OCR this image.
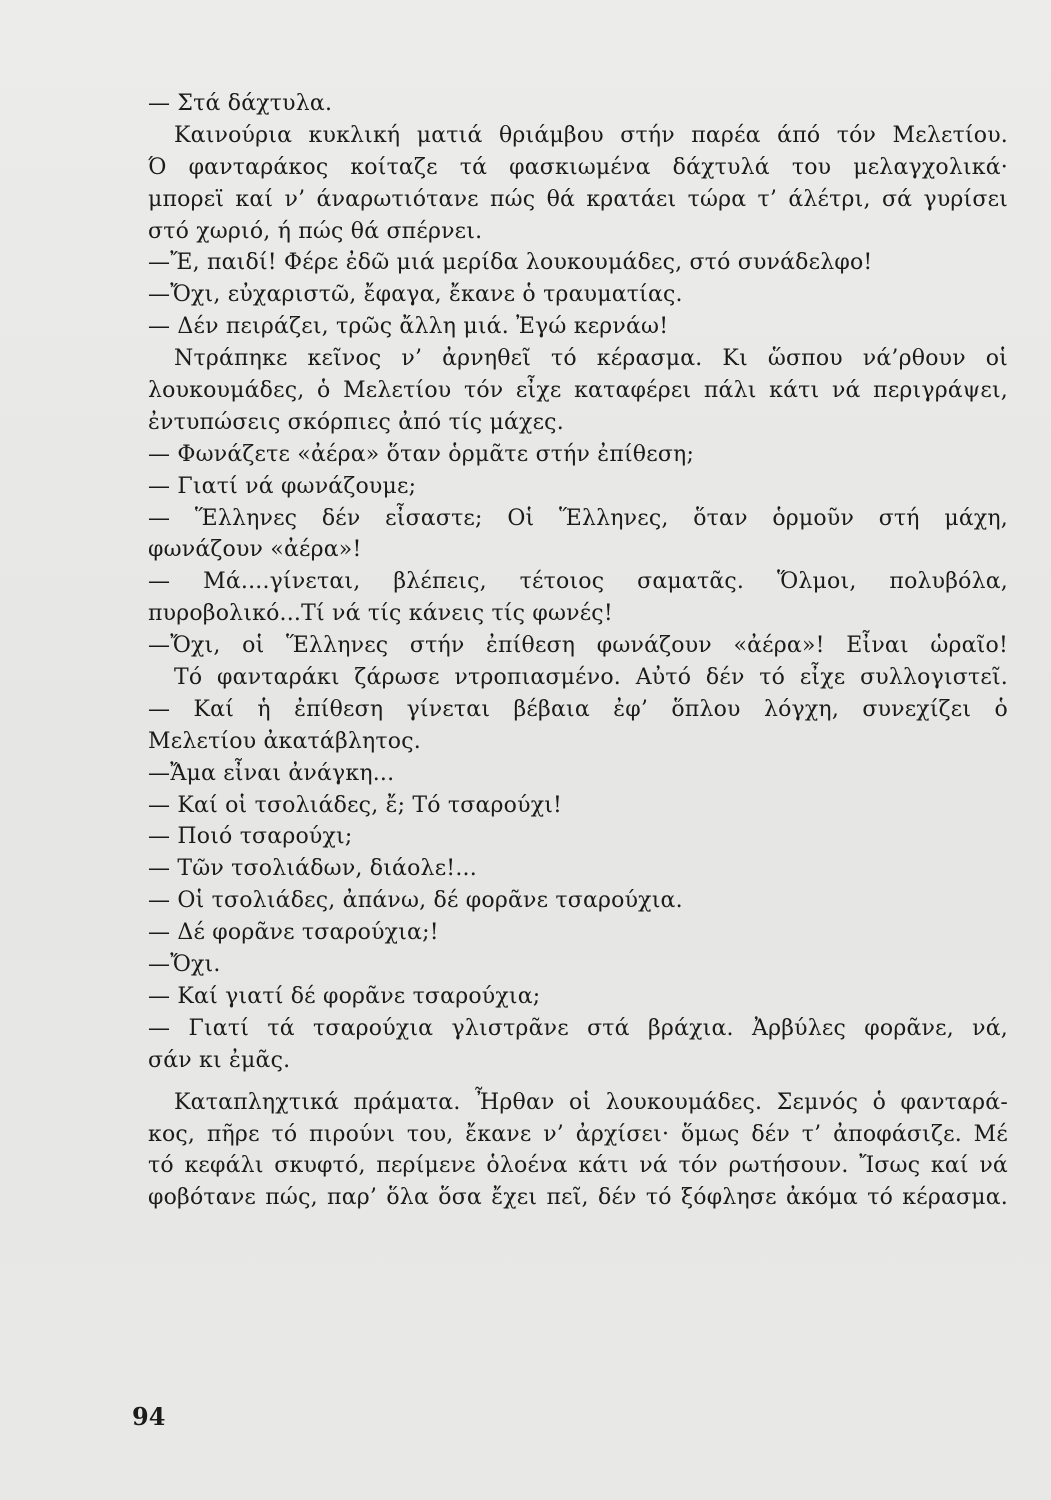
— Στά δάχτυλα.
Καινούρια κυκλική ματιά θριάμβου στήν παρέα άπό τόν Μελετίου.
Ό φανταράκος κοίταζε τά φασκιωμένα δάχτυλά του μελαγχολικά·
μπορεϊ καί ν’ άναρωτιότανε πώς θά κρατάει τώρα τ’ άλέτρι, σά γυρίσει
στό χωριό, ή πώς θά σπέρνει.
—Ἔ, παιδί! Φέρε ἐδῶ μιά μερίδα λουκουμάδες, στό συνάδελφο!
—Ὄχι, εὐχαριστῶ, ἔφαγα, ἔκανε ὁ τραυματίας.
— Δέν πειράζει, τρῶς ἄλλη μιά. Ἐγώ κερνάω!
Ντράπηκε κεῖνος ν’ ἀρνηθεῖ τό κέρασμα. Κι ὥσπου νά’ρθουν οἱ
λουκουμάδες, ὁ Μελετίου τόν εἶχε καταφέρει πάλι κάτι νά περιγράψει,
ἐντυπώσεις σκόρπιες ἀπό τίς μάχες.
— Φωνάζετε «ἀέρα» ὅταν ὁρμᾶτε στήν ἐπίθεση;
— Γιατί νά φωνάζουμε;
— Ἕλληνες δέν εἶσαστε; Οἱ Ἕλληνες, ὅταν ὁρμοῦν στή μάχη,
φωνάζουν «ἀέρα»!
— Μά....γίνεται, βλέπεις, τέτοιος σαματᾶς. Ὅλμοι, πολυβόλα,
πυροβολικό...Τί νά τίς κάνεις τίς φωνές!
—Ὄχι, οἱ Ἕλληνες στήν ἐπίθεση φωνάζουν «ἀέρα»! Εἶναι ὡραῖο!
Τό φανταράκι ζάρωσε ντροπιασμένο. Αὐτό δέν τό εἶχε συλλογιστεῖ.
— Καί ἡ ἐπίθεση γίνεται βέβαια ἐφ’ ὅπλου λόγχη, συνεχίζει ὁ
Μελετίου ἀκατάβλητος.
—Ἄμα εἶναι ἀνάγκη...
— Καί οἱ τσολιάδες, ἔ; Τό τσαρούχι!
— Ποιό τσαρούχι;
— Τῶν τσολιάδων, διάολε!...
— Οἱ τσολιάδες, ἀπάνω, δέ φορᾶνε τσαρούχια.
— Δέ φορᾶνε τσαρούχια;!
—Ὄχι.
— Καί γιατί δέ φορᾶνε τσαρούχια;
— Γιατί τά τσαρούχια γλιστρᾶνε στά βράχια. Ἀρβύλες φορᾶνε, νά,
σάν κι ἐμᾶς.
Καταπληχτικά πράματα. Ἦρθαν οἱ λουκουμάδες. Σεμνός ὁ φανταρά-
κος, πῆρε τό πιρούνι του, ἔκανε ν’ ἀρχίσει· ὅμως δέν τ’ ἀποφάσιζε. Μέ
τό κεφάλι σκυφτό, περίμενε ὁλοένα κάτι νά τόν ρωτήσουν. Ἴσως καί νά
φοβότανε πώς, παρ’ ὅλα ὅσα ἔχει πεῖ, δέν τό ξόφλησε ἀκόμα τό κέρασμα.
94
